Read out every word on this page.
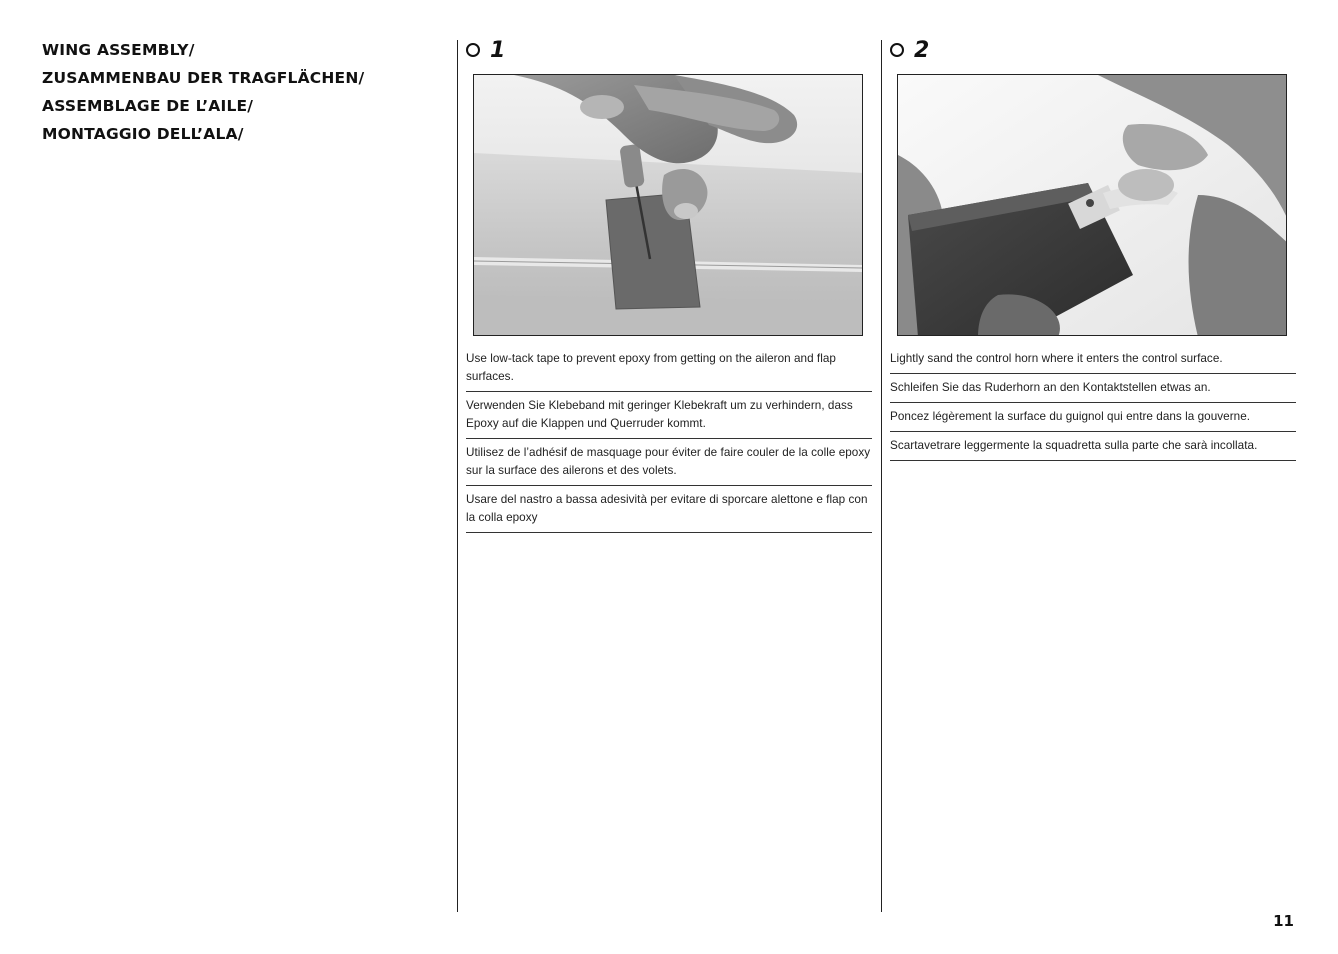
WING ASSEMBLY/
ZUSAMMENBAU DER TRAGFLÄCHEN/
ASSEMBLAGE DE L’AILE/
MONTAGGIO DELL’ALA/
1
Use low-tack tape to prevent epoxy from getting on the aileron and flap surfaces.
Verwenden Sie Klebeband mit geringer Klebekraft um zu verhindern, dass Epoxy auf die Klappen und Querruder kommt.
Utilisez de l’adhésif de masquage pour éviter de faire couler de la colle epoxy sur la surface des ailerons et des volets.
Usare del nastro a bassa adesività per evitare di sporcare alettone e flap con la colla epoxy
2
Lightly sand the control horn where it enters the control surface.
Schleifen Sie das Ruderhorn an den Kontaktstellen etwas an.
Poncez légèrement la surface du guignol qui entre dans la gouverne.
Scartavetrare leggermente la squadretta sulla parte che sarà incollata.
11
